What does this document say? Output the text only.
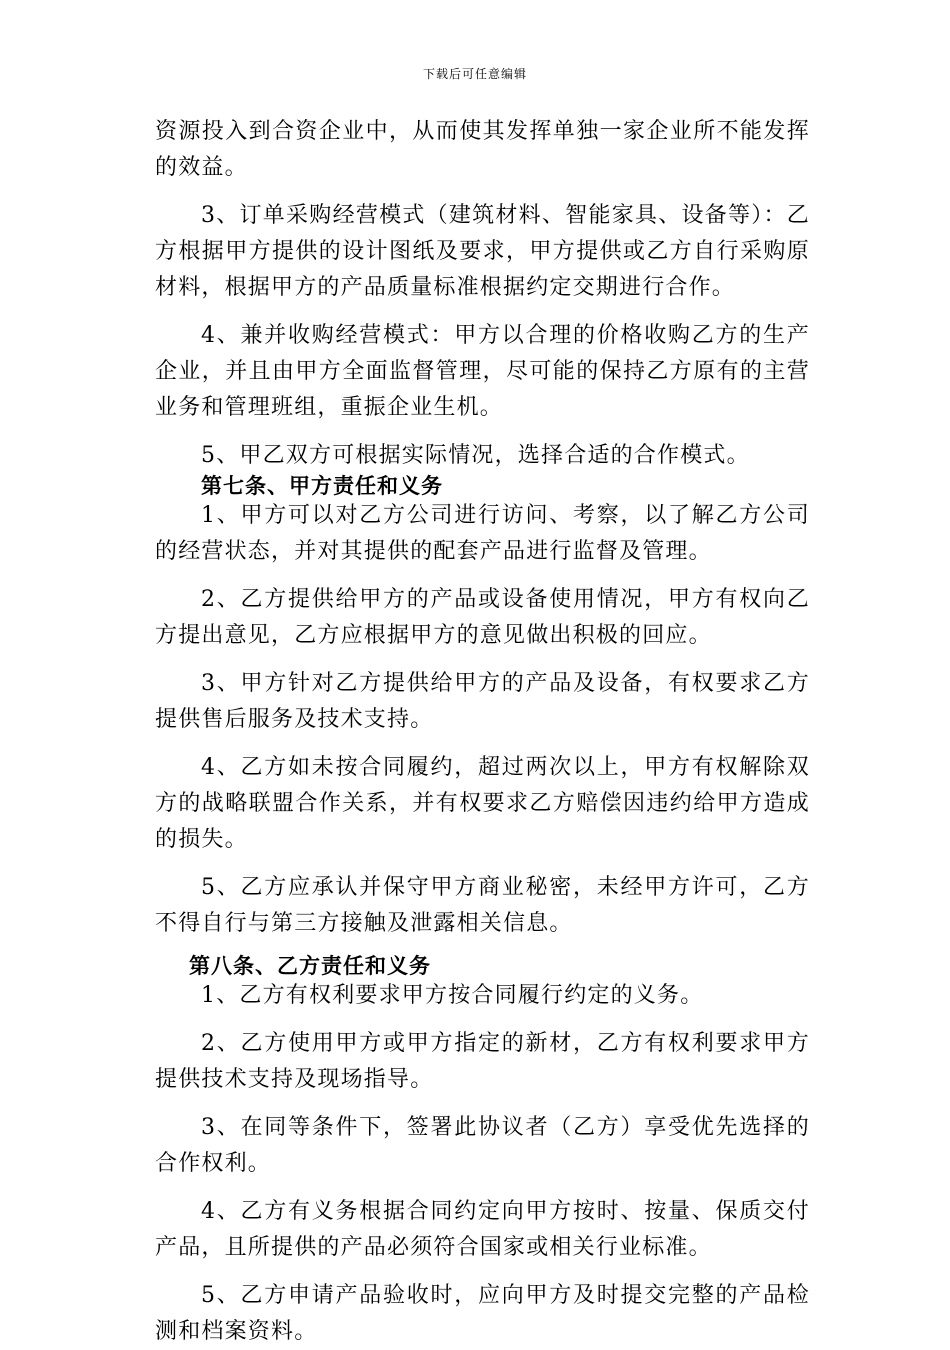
下载后可任意编辑

资源投入到合资企业中，从而使其发挥单独一家企业所不能发挥的效益。

3、订单采购经营模式（建筑材料、智能家具、设备等）：乙方根据甲方提供的设计图纸及要求，甲方提供或乙方自行采购原材料，根据甲方的产品质量标准根据约定交期进行合作。

4、兼并收购经营模式：甲方以合理的价格收购乙方的生产企业，并且由甲方全面监督管理，尽可能的保持乙方原有的主营业务和管理班组，重振企业生机。

5、甲乙双方可根据实际情况，选择合适的合作模式。

第七条、甲方责任和义务

1、甲方可以对乙方公司进行访问、考察，以了解乙方公司的经营状态，并对其提供的配套产品进行监督及管理。

2、乙方提供给甲方的产品或设备使用情况，甲方有权向乙方提出意见，乙方应根据甲方的意见做出积极的回应。

3、甲方针对乙方提供给甲方的产品及设备，有权要求乙方提供售后服务及技术支持。

4、乙方如未按合同履约，超过两次以上，甲方有权解除双方的战略联盟合作关系，并有权要求乙方赔偿因违约给甲方造成的损失。

5、乙方应承认并保守甲方商业秘密，未经甲方许可，乙方不得自行与第三方接触及泄露相关信息。

第八条、乙方责任和义务

1、乙方有权利要求甲方按合同履行约定的义务。

2、乙方使用甲方或甲方指定的新材，乙方有权利要求甲方提供技术支持及现场指导。

3、在同等条件下，签署此协议者（乙方）享受优先选择的合作权利。

4、乙方有义务根据合同约定向甲方按时、按量、保质交付产品，且所提供的产品必须符合国家或相关行业标准。

5、乙方申请产品验收时，应向甲方及时提交完整的产品检测和档案资料。
